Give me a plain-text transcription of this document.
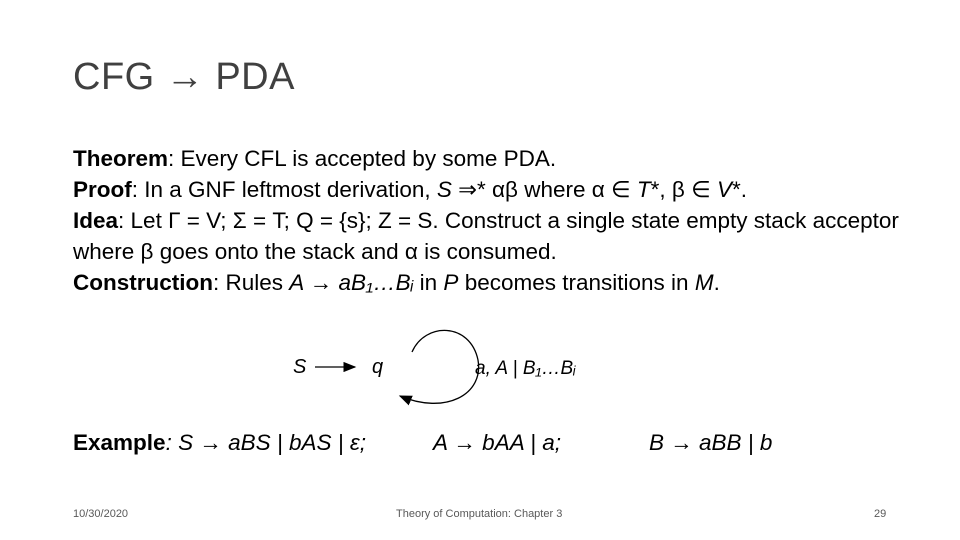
CFG → PDA

Theorem: Every CFL is accepted by some PDA.

Proof: In a GNF leftmost derivation, S ⇒* αβ where α ∈ T*, β ∈ V*.

Idea: Let Γ = V; Σ = T; Q = {s}; Z = S. Construct a single state empty stack acceptor where β goes onto the stack and α is consumed.

Construction: Rules A → aB₁…Bᵢ in P becomes transitions in M.

S	q	a, A | B₁…Bᵢ
Example: S → aBS | bAS | ε;	A → bAA | a;	B → aBB | b
10/30/2020	Theory of Computation: Chapter 3	29
